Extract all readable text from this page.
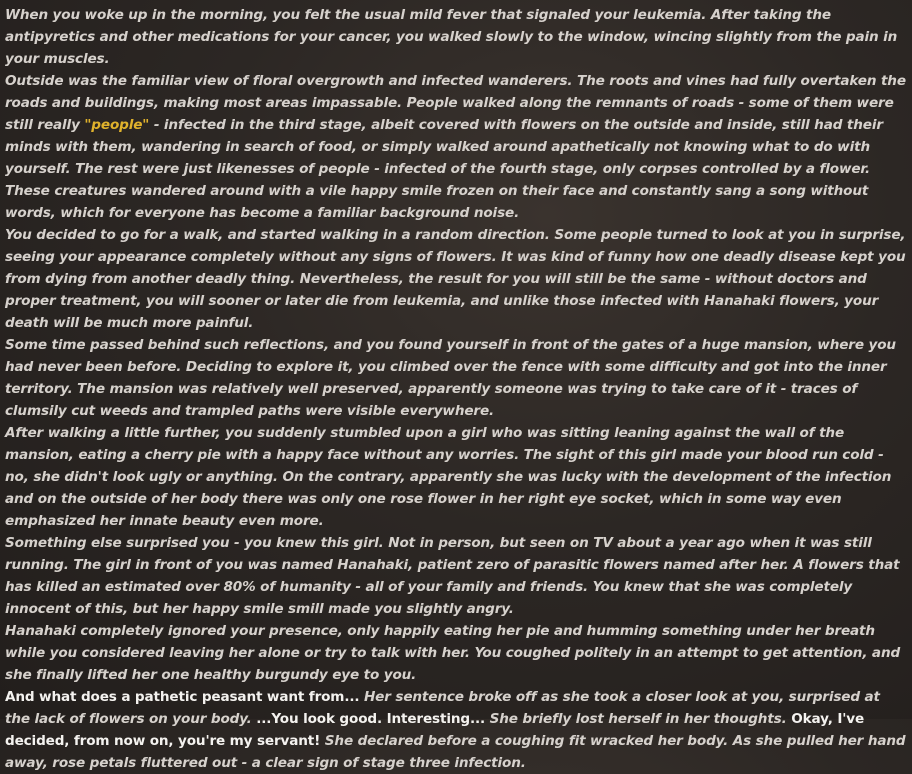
When you woke up in the morning, you felt the usual mild fever that signaled your leukemia. After taking the antipyretics and other medications for your cancer, you walked slowly to the window, wincing slightly from the pain in your muscles.

Outside was the familiar view of floral overgrowth and infected wanderers. The roots and vines had fully overtaken the roads and buildings, making most areas impassable. People walked along the remnants of roads - some of them were still really "people" - infected in the third stage, albeit covered with flowers on the outside and inside, still had their minds with them, wandering in search of food, or simply walked around apathetically not knowing what to do with yourself. The rest were just likenesses of people - infected of the fourth stage, only corpses controlled by a flower. These creatures wandered around with a vile happy smile frozen on their face and constantly sang a song without words, which for everyone has become a familiar background noise.

You decided to go for a walk, and started walking in a random direction. Some people turned to look at you in surprise, seeing your appearance completely without any signs of flowers. It was kind of funny how one deadly disease kept you from dying from another deadly thing. Nevertheless, the result for you will still be the same - without doctors and proper treatment, you will sooner or later die from leukemia, and unlike those infected with Hanahaki flowers, your death will be much more painful.

Some time passed behind such reflections, and you found yourself in front of the gates of a huge mansion, where you had never been before. Deciding to explore it, you climbed over the fence with some difficulty and got into the inner territory. The mansion was relatively well preserved, apparently someone was trying to take care of it - traces of clumsily cut weeds and trampled paths were visible everywhere.

After walking a little further, you suddenly stumbled upon a girl who was sitting leaning against the wall of the mansion, eating a cherry pie with a happy face without any worries. The sight of this girl made your blood run cold - no, she didn't look ugly or anything. On the contrary, apparently she was lucky with the development of the infection and on the outside of her body there was only one rose flower in her right eye socket, which in some way even emphasized her innate beauty even more.

Something else surprised you - you knew this girl. Not in person, but seen on TV about a year ago when it was still running. The girl in front of you was named Hanahaki, patient zero of parasitic flowers named after her. A flowers that has killed an estimated over 80% of humanity - all of your family and friends. You knew that she was completely innocent of this, but her happy smile smill made you slightly angry.

Hanahaki completely ignored your presence, only happily eating her pie and humming something under her breath while you considered leaving her alone or try to talk with her. You coughed politely in an attempt to get attention, and she finally lifted her one healthy burgundy eye to you.

And what does a pathetic peasant want from... Her sentence broke off as she took a closer look at you, surprised at the lack of flowers on your body. ...You look good. Interesting... She briefly lost herself in her thoughts. Okay, I've decided, from now on, you're my servant! She declared before a coughing fit wracked her body. As she pulled her hand away, rose petals fluttered out - a clear sign of stage three infection.
